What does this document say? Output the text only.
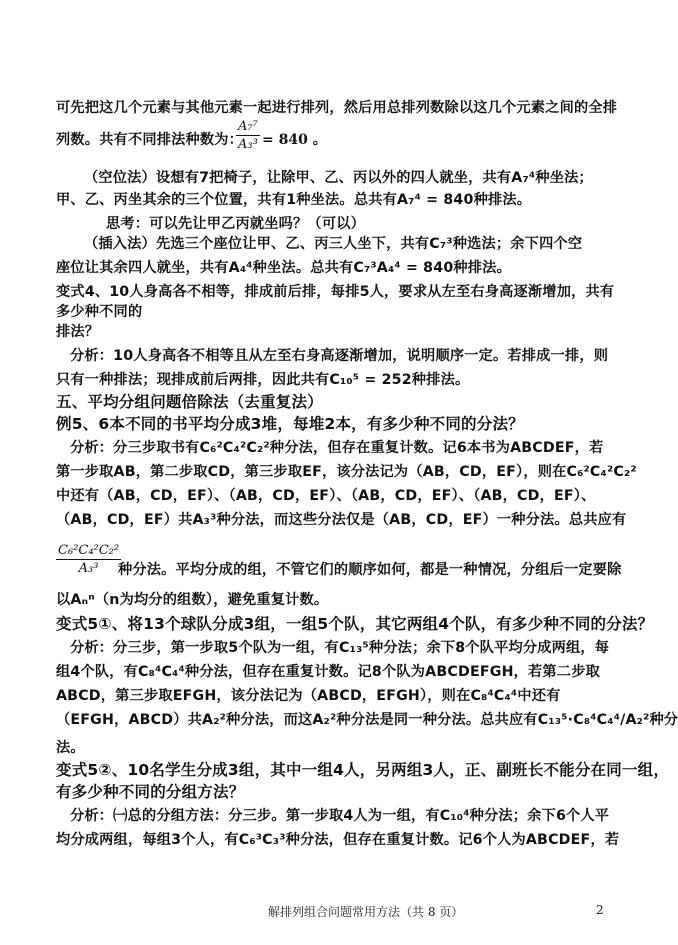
可先把这几个元素与其他元素一起进行排列，然后用总排列数除以这几个元素之间的全排
列数。共有不同排法种数为：
$\frac{\text{A₇⁷}}{\text{A₃³}} = 840$ 。
（空位法）设想有7把椅子，让除甲、乙、丙以外的四人就坐，共有A₇⁴种坐法；
甲、乙、丙坐其余的三个位置，共有1种坐法。总共有A₇⁴ = 840种排法。
思考：可以先让甲乙丙就坐吗？（可以）
（插入法）先选三个座位让甲、乙、丙三人坐下，共有C₇³种选法；余下四个空
座位让其余四人就坐，共有A₄⁴种坐法。总共有C₇³A₄⁴ = 840种排法。
变式4、10人身高各不相等，排成前后排，每排5人，要求从左至右身高逐渐增加，共有
多少种不同的
排法？
分析：10人身高各不相等且从左至右身高逐渐增加，说明顺序一定。若排成一排，则
只有一种排法；现排成前后两排，因此共有C₁₀⁵ = 252种排法。
五、平均分组问题倍除法（去重复法）
例5、6本不同的书平均分成3堆，每堆2本，有多少种不同的分法？
分析：分三步取书有C₆²C₄²C₂²种分法，但存在重复计数。记6本书为ABCDEF，若
第一步取AB，第二步取CD，第三步取EF，该分法记为（AB，CD，EF），则在C₆²C₄²C₂²
中还有（AB，CD，EF）、（AB，CD，EF）、（AB，CD，EF）、（AB，CD，EF）、
（AB，CD，EF）共A₃³种分法，而这些分法仅是（AB，CD，EF）一种分法。总共应有
$\frac{\text{C₆²C₄²C₂²}}{\text{A₃³}}$
种分法。平均分成的组，不管它们的顺序如何，都是一种情况，分组后一定要除
以Aₙⁿ（n为均分的组数），避免重复计数。
变式5①、将13个球队分成3组，一组5个队，其它两组4个队，有多少种不同的分法？
分析：分三步，第一步取5个队为一组，有C₁₃⁵种分法；余下8个队平均分成两组，每
组4个队，有C₈⁴C₄⁴种分法，但存在重复计数。记8个队为ABCDEFGH，若第二步取
ABCD，第三步取EFGH，该分法记为（ABCD，EFGH），则在C₈⁴C₄⁴中还有
（EFGH，ABCD）共A₂²种分法，而这A₂²种分法是同一种分法。总共应有C₁₃⁵·C₈⁴C₄⁴/A₂²种分
法。
变式5②、10名学生分成3组，其中一组4人，另两组3人，正、副班长不能分在同一组，
有多少种不同的分组方法？
分析：㈠总的分组方法：分三步。第一步取4人为一组，有C₁₀⁴种分法；余下6个人平
均分成两组，每组3个人，有C₆³C₃³种分法，但存在重复计数。记6个人为ABCDEF，若
解排列组合问题常用方法（共 8 页）	2
